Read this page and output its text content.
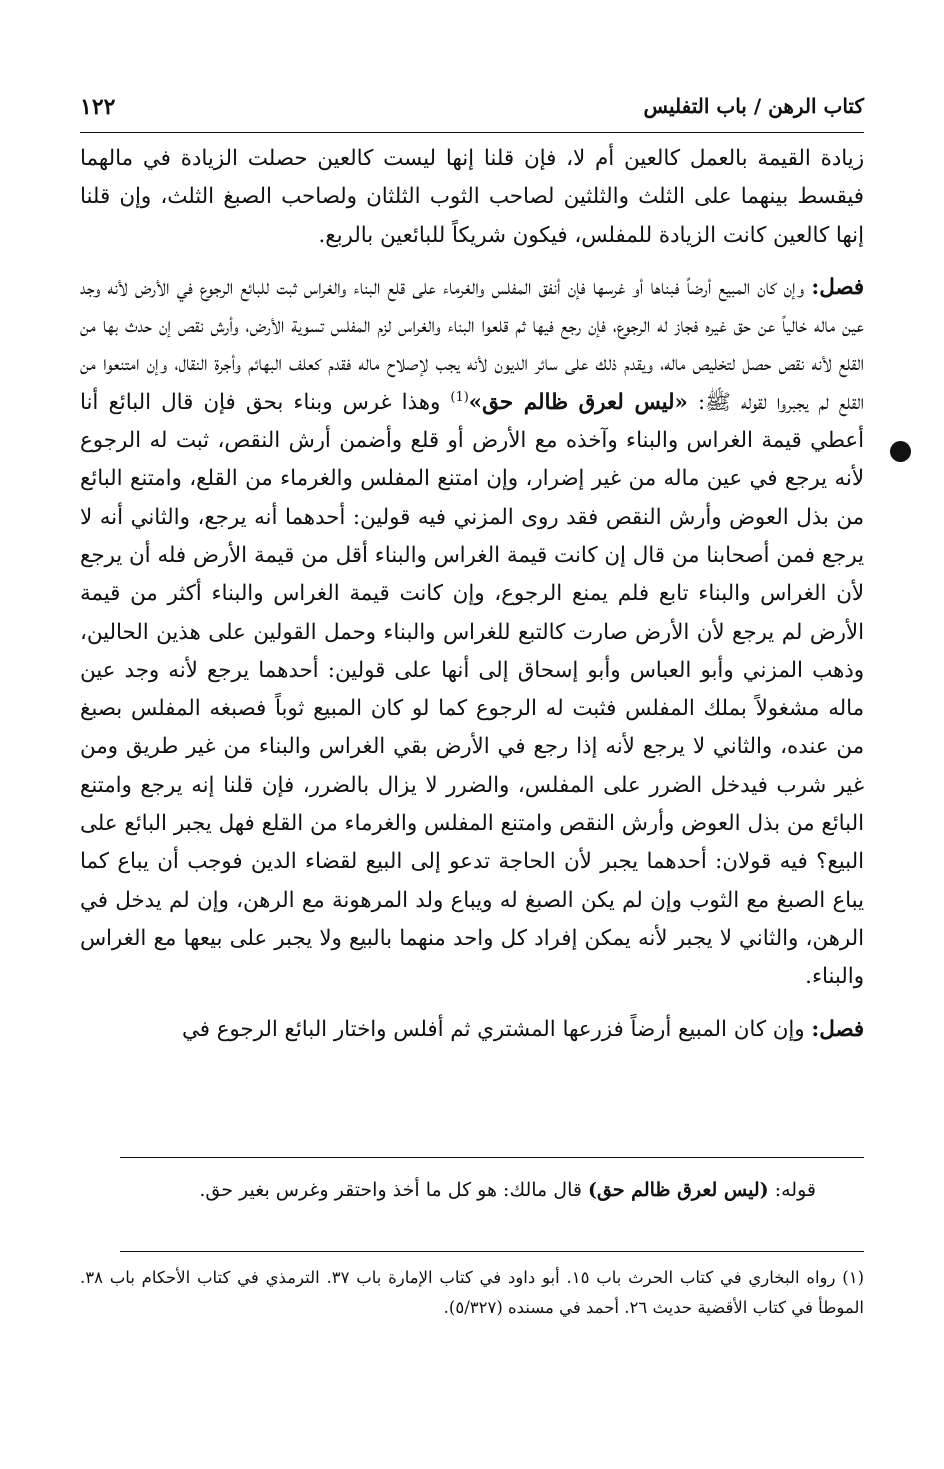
١٢٢	كتاب الرهن / باب التفليس

زيادة القيمة بالعمل كالعين أم لا، فإن قلنا إنها ليست كالعين حصلت الزيادة في مالهما فيقسط بينهما على الثلث والثلثين لصاحب الثوب الثلثان ولصاحب الصبغ الثلث، وإن قلنا إنها كالعين كانت الزيادة للمفلس، فيكون شريكاً للبائعين بالربع.

فصل: وإن كان المبيع أرضاً فبناها أو غرسها فإن أنفق المفلس والغرماء على قلع البناء والغراس ثبت للبائع الرجوع في الأرض لأنه وجد عين ماله خالياً عن حق غيره فجاز له الرجوع، فإن رجع فيها ثم قلعوا البناء والغراس لزم المفلس تسوية الأرض، وأرش نقص إن حدث بها من القلع لأنه نقص حصل لتخليص ماله، ويقدم ذلك على سائر الديون لأنه يجب لإصلاح ماله فقدم كعلف البهائم وأجرة النقال، وإن امتنعوا من القلع لم يجبروا لقوله ﷺ: «ليس لعرق ظالم حق»$^{(1)}$ وهذا غرس وبناء بحق فإن قال البائع أنا أعطي قيمة الغراس والبناء وآخذه مع الأرض أو قلع وأضمن أرش النقص، ثبت له الرجوع لأنه يرجع في عين ماله من غير إضرار، وإن امتنع المفلس والغرماء من القلع، وامتنع البائع من بذل العوض وأرش النقص فقد روى المزني فيه قولين: أحدهما أنه يرجع، والثاني أنه لا يرجع فمن أصحابنا من قال إن كانت قيمة الغراس والبناء أقل من قيمة الأرض فله أن يرجع لأن الغراس والبناء تابع فلم يمنع الرجوع، وإن كانت قيمة الغراس والبناء أكثر من قيمة الأرض لم يرجع لأن الأرض صارت كالتبع للغراس والبناء وحمل القولين على هذين الحالين، وذهب المزني وأبو العباس وأبو إسحاق إلى أنها على قولين: أحدهما يرجع لأنه وجد عين ماله مشغولاً بملك المفلس فثبت له الرجوع كما لو كان المبيع ثوباً فصبغه المفلس بصبغ من عنده، والثاني لا يرجع لأنه إذا رجع في الأرض بقي الغراس والبناء من غير طريق ومن غير شرب فيدخل الضرر على المفلس، والضرر لا يزال بالضرر، فإن قلنا إنه يرجع وامتنع البائع من بذل العوض وأرش النقص وامتنع المفلس والغرماء من القلع فهل يجبر البائع على البيع؟ فيه قولان: أحدهما يجبر لأن الحاجة تدعو إلى البيع لقضاء الدين فوجب أن يباع كما يباع الصبغ مع الثوب وإن لم يكن الصبغ له ويباع ولد المرهونة مع الرهن، وإن لم يدخل في الرهن، والثاني لا يجبر لأنه يمكن إفراد كل واحد منهما بالبيع ولا يجبر على بيعها مع الغراس والبناء.

فصل: وإن كان المبيع أرضاً فزرعها المشتري ثم أفلس واختار البائع الرجوع في

قوله: (ليس لعرق ظالم حق) قال مالك: هو كل ما أخذ واحتقر وغرس بغير حق.
(١) رواه البخاري في كتاب الحرث باب ١٥. أبو داود في كتاب الإمارة باب ٣٧. الترمذي في كتاب الأحكام باب ٣٨. الموطأ في كتاب الأقضية حديث ٢٦. أحمد في مسنده (٥/٣٢٧).
